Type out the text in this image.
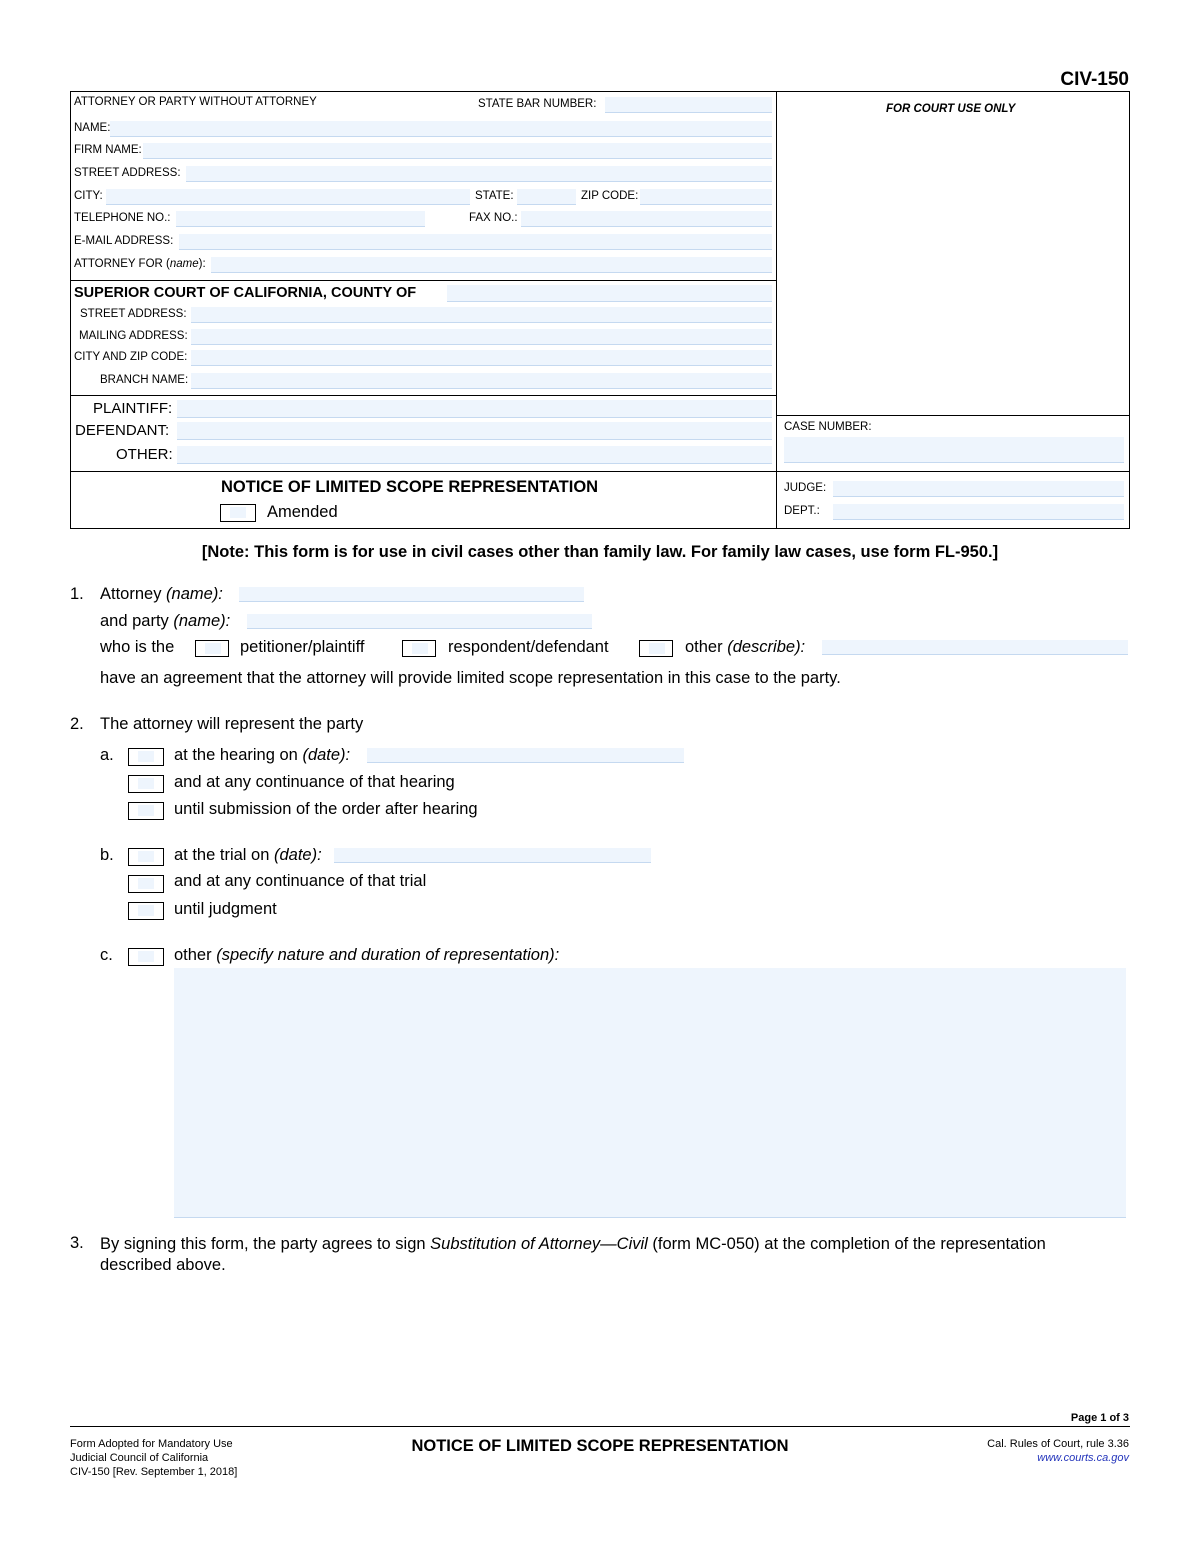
CIV-150
ATTORNEY OR PARTY WITHOUT ATTORNEY	STATE BAR NUMBER:
NAME:
FIRM NAME:
STREET ADDRESS:
CITY:	STATE:	ZIP CODE:
TELEPHONE NO.:	FAX NO.:
E-MAIL ADDRESS:
ATTORNEY FOR (name):
FOR COURT USE ONLY
SUPERIOR COURT OF CALIFORNIA, COUNTY OF
STREET ADDRESS:
MAILING ADDRESS:
CITY AND ZIP CODE:
BRANCH NAME:
PLAINTIFF:
DEFENDANT:
OTHER:
CASE NUMBER:
NOTICE OF LIMITED SCOPE REPRESENTATION
Amended
JUDGE:
DEPT.:
[Note: This form is for use in civil cases other than family law. For family law cases, use form FL-950.]
1. Attorney (name):
and party (name):
who is the	petitioner/plaintiff	respondent/defendant	other (describe):
have an agreement that the attorney will provide limited scope representation in this case to the party.
2. The attorney will represent the party
a.	at the hearing on (date):
and at any continuance of that hearing
until submission of the order after hearing
b.	at the trial on (date):
and at any continuance of that trial
until judgment
c.	other (specify nature and duration of representation):
3. By signing this form, the party agrees to sign Substitution of Attorney—Civil (form MC-050) at the completion of the representation
described above.
Page 1 of 3
Form Adopted for Mandatory Use
Judicial Council of California
CIV-150 [Rev. September 1, 2018]
NOTICE OF LIMITED SCOPE REPRESENTATION	Cal. Rules of Court, rule 3.36
www.courts.ca.gov
